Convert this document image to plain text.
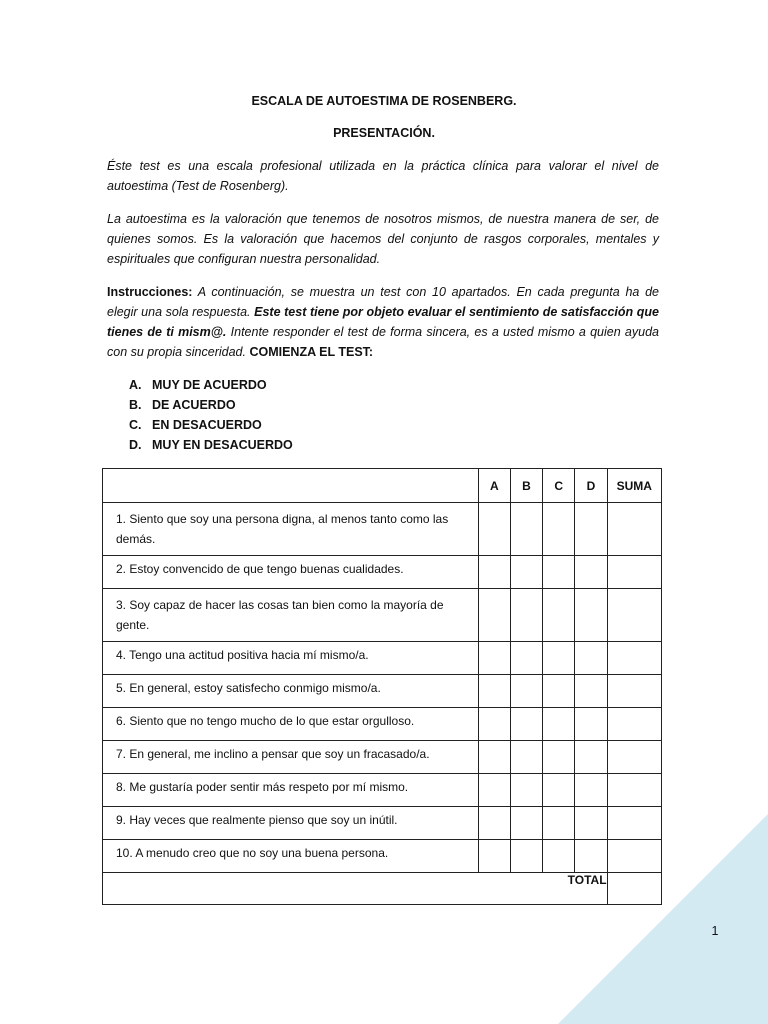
ESCALA DE AUTOESTIMA DE ROSENBERG.
PRESENTACIÓN.
Éste test es una escala profesional utilizada en la práctica clínica para valorar el nivel de autoestima (Test de Rosenberg).
La autoestima es la valoración que tenemos de nosotros mismos, de nuestra manera de ser, de quienes somos. Es la valoración que hacemos del conjunto de rasgos corporales, mentales y espirituales que configuran nuestra personalidad.
Instrucciones: A continuación, se muestra un test con 10 apartados. En cada pregunta ha de elegir una sola respuesta. Este test tiene por objeto evaluar el sentimiento de satisfacción que tienes de ti mism@. Intente responder el test de forma sincera, es a usted mismo a quien ayuda con su propia sinceridad. COMIENZA EL TEST:
A. MUY DE ACUERDO
B. DE ACUERDO
C. EN DESACUERDO
D. MUY EN DESACUERDO
	A	B	C	D	SUMA
1. Siento que soy una persona digna, al menos tanto como las demás.					
2. Estoy convencido de que tengo buenas cualidades.					
3. Soy capaz de hacer las cosas tan bien como la mayoría de gente.					
4. Tengo una actitud positiva hacia mí mismo/a.					
5. En general, estoy satisfecho conmigo mismo/a.					
6. Siento que no tengo mucho de lo que estar orgulloso.					
7. En general, me inclino a pensar que soy un fracasado/a.					
8. Me gustaría poder sentir más respeto por mí mismo.					
9. Hay veces que realmente pienso que soy un inútil.					
10. A menudo creo que no soy una buena persona.					
TOTAL					
1
